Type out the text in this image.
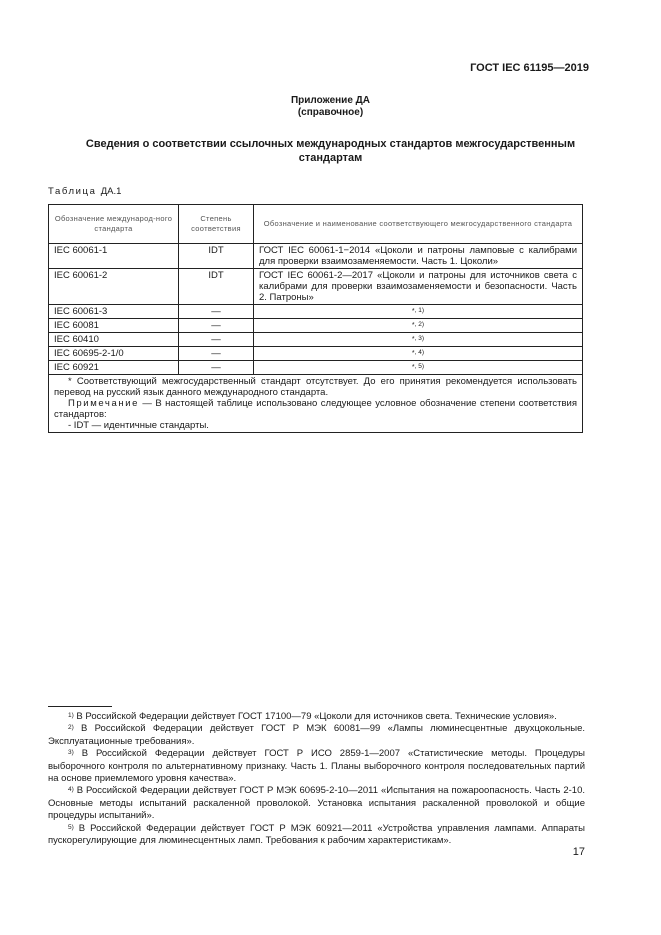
ГОСТ IEC 61195—2019
Приложение ДА
(справочное)
Сведения о соответствии ссылочных международных стандартов межгосударственным стандартам
Таблица ДА.1
Обозначение международ-ного стандарта	Степень соответствия	Обозначение и наименование соответствующего межгосударственного стандарта
IEC 60061-1	IDT	ГОСТ IEC 60061-1−2014 «Цоколи и патроны ламповые с калибрами для проверки взаимозаменяемости. Часть 1. Цоколи»
IEC 60061-2	IDT	ГОСТ IEC 60061-2—2017 «Цоколи и патроны для источников света с калибрами для проверки взаимозаменяемости и безопасности. Часть 2. Патроны»
IEC 60061-3	—	*$^{, 1)}$
IEC 60081	—	*$^{, 2)}$
IEC 60410	—	*$^{, 3)}$
IEC 60695-2-1/0	—	*$^{, 4)}$
IEC 60921	—	*$^{, 5)}$

* Соответствующий межгосударственный стандарт отсутствует. До его принятия рекомендуется использовать перевод на русский язык данного международного стандарта.
Примечание — В настоящей таблице использовано следующее условное обозначение степени соответствия стандартов:
- IDT — идентичные стандарты.		

$^{1)}$ В Российской Федерации действует ГОСТ 17100—79 «Цоколи для источников света. Технические условия».

$^{2)}$ В Российской Федерации действует ГОСТ Р МЭК 60081—99 «Лампы люминесцентные двухцокольные. Эксплуатационные требования».

$^{3)}$ В Российской Федерации действует ГОСТ Р ИСО 2859-1—2007 «Статистические методы. Процедуры выборочного контроля по альтернативному признаку. Часть 1. Планы выборочного контроля последовательных партий на основе приемлемого уровня качества».

$^{4)}$ В Российской Федерации действует ГОСТ Р МЭК 60695-2-10—2011 «Испытания на пожароопасность. Часть 2-10. Основные методы испытаний раскаленной проволокой. Установка испытания раскаленной проволокой и общие процедуры испытаний».

$^{5)}$ В Российской Федерации действует ГОСТ Р МЭК 60921—2011 «Устройства управления лампами. Аппараты пускорегулирующие для люминесцентных ламп. Требования к рабочим характеристикам».

17
